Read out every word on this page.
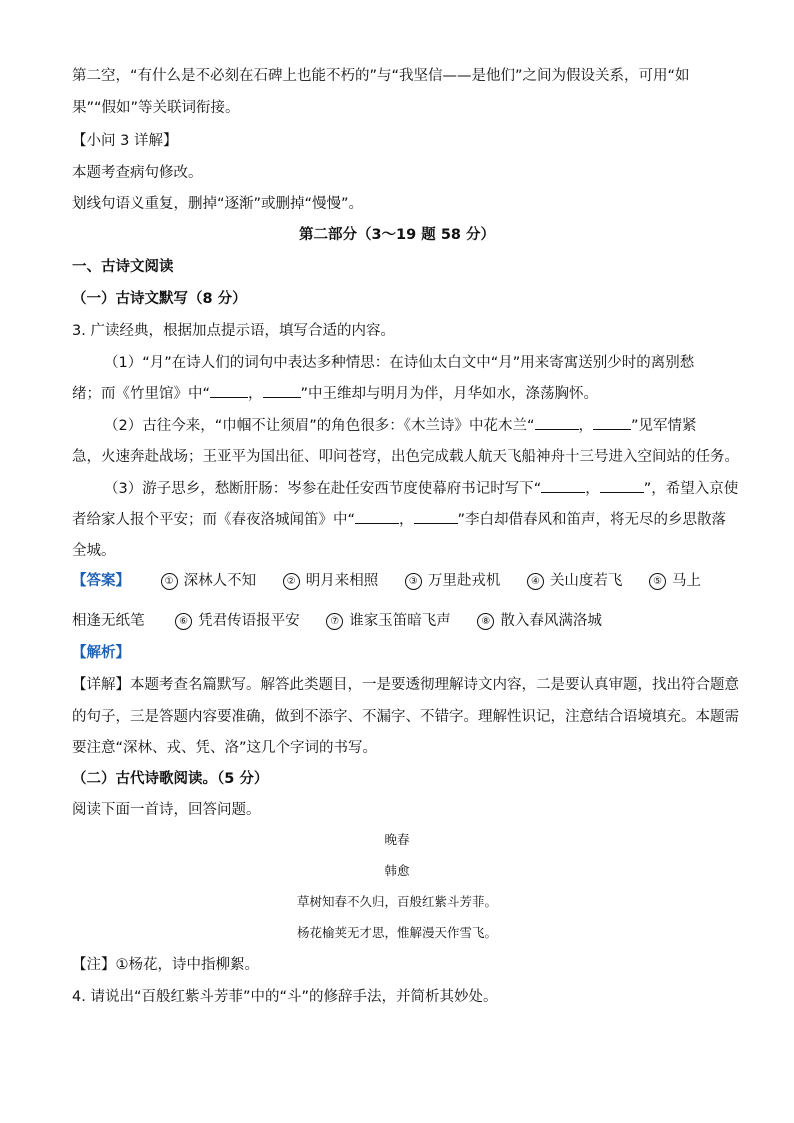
第二空，“有什么是不必刻在石碑上也能不朽的”与“我坚信——是他们”之间为假设关系，可用“如
果”“假如”等关联词衔接。
【小问 3 详解】
本题考查病句修改。
划线句语义重复，删掉“逐渐”或删掉“慢慢”。
第二部分（3～19 题 58 分）
一、古诗文阅读
（一）古诗文默写（8 分）
3. 广读经典，根据加点提示语，填写合适的内容。
（1）“月”在诗人们的词句中表达多种情思：在诗仙太白文中“月”用来寄寓送别少时的离别愁
绪；而《竹里馆》中“	，	”中王维却与明月为伴，月华如水，涤荡胸怀。
（2）古往今来，“巾帼不让须眉”的角色很多：《木兰诗》中花木兰“	，	”见军情紧
急，火速奔赴战场；王亚平为国出征、叩问苍穹，出色完成载人航天飞船神舟十三号进入空间站的任务。
（3）游子思乡，愁断肝肠：岑参在赴任安西节度使幕府书记时写下“	，	”，希望入京使
者给家人报个平安；而《春夜洛城闻笛》中“	，	”李白却借春风和笛声，将无尽的乡思散落
全城。
【答案】	① 深林人不知	② 明月来相照	③ 万里赴戎机	④ 关山度若飞	⑤ 马上
相逢无纸笔	⑥ 凭君传语报平安	⑦ 谁家玉笛暗飞声	⑧ 散入春风满洛城
【解析】
【详解】本题考查名篇默写。解答此类题目，一是要透彻理解诗文内容，二是要认真审题，找出符合题意
的句子，三是答题内容要准确，做到不添字、不漏字、不错字。理解性识记，注意结合语境填充。本题需
要注意“深林、戎、凭、洛”这几个字词的书写。
（二）古代诗歌阅读。（5 分）
阅读下面一首诗，回答问题。
晚春
韩愈
草树知春不久归，百般红紫斗芳菲。
杨花榆荚无才思，惟解漫天作雪飞。
【注】①杨花，诗中指柳絮。
4. 请说出“百般红紫斗芳菲”中的“斗”的修辞手法，并简析其妙处。
